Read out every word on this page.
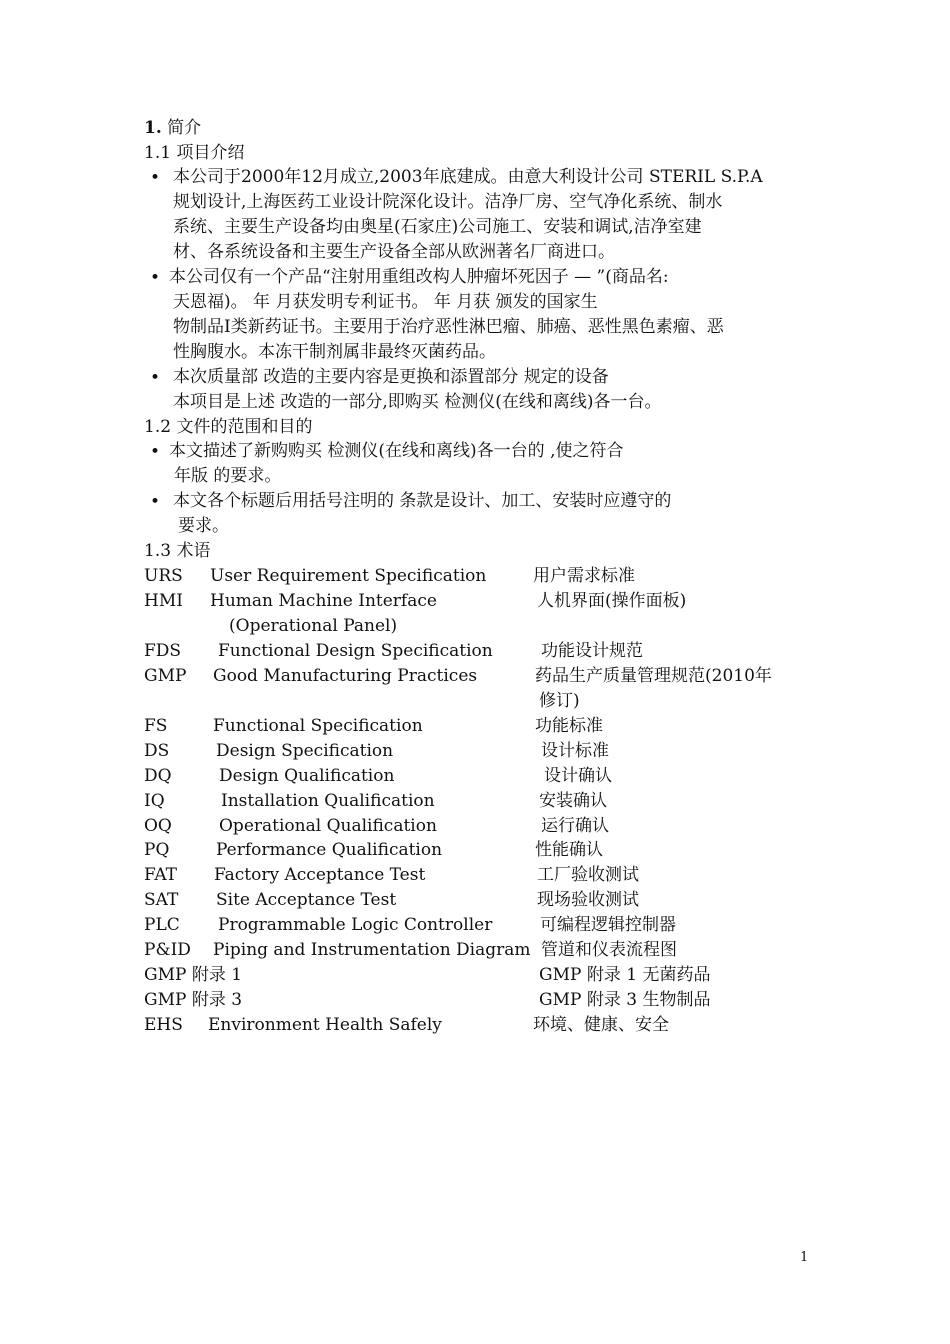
1. 简介
1.1 项目介绍
• 本公司于2000年12月成立,2003年底建成。由意大利设计公司 STERIL S.P.A
规划设计,上海医药工业设计院深化设计。洁净厂房、空气净化系统、制水
系统、主要生产设备均由奥星(石家庄)公司施工、安装和调试,洁净室建
材、各系统设备和主要生产设备全部从欧洲著名厂商进口。
• 本公司仅有一个产品“注射用重组改构人肿瘤坏死因子 — ”(商品名:
天恩福)。 年 月获发明专利证书。 年 月获 颁发的国家生
物制品Ⅰ类新药证书。主要用于治疗恶性淋巴瘤、肺癌、恶性黑色素瘤、恶
性胸腹水。本冻干制剂属非最终灭菌药品。
• 本次质量部 改造的主要内容是更换和添置部分 规定的设备
本项目是上述 改造的一部分,即购买 检测仪(在线和离线)各一台。
1.2 文件的范围和目的
• 本文描述了新购购买 检测仪(在线和离线)各一台的 ,使之符合
年版 的要求。
• 本文各个标题后用括号注明的 条款是设计、加工、安装时应遵守的
要求。
1.3 术语
URS User Requirement Specification	用户需求标准
HMI Human Machine Interface	人机界面(操作面板)
(Operational Panel)
FDS Functional Design Specification	功能设计规范
GMP Good Manufacturing Practices	药品生产质量管理规范(2010年
修订)
FS	Functional Specification	功能标准
DS	Design Specification	设计标准
DQ	Design Qualification	设计确认
IQ	Installation Qualification	安装确认
OQ	Operational Qualification	运行确认
PQ	Performance Qualification	性能确认
FAT Factory Acceptance Test	工厂验收测试
SAT Site Acceptance Test	现场验收测试
PLC Programmable Logic Controller	可编程逻辑控制器
P&ID Piping and Instrumentation Diagram 管道和仪表流程图
GMP 附录 1	GMP 附录 1 无菌药品
GMP 附录 3	GMP 附录 3 生物制品
EHS Environment Health Safely	环境、健康、安全
1
